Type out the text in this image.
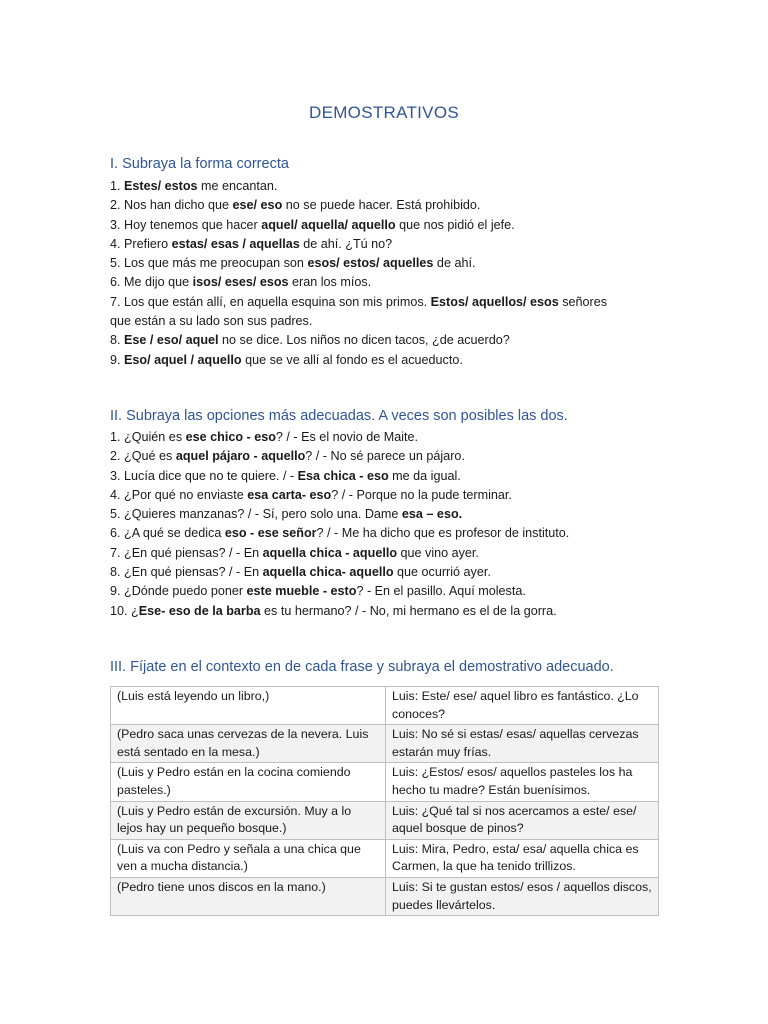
DEMOSTRATIVOS
I. Subraya la forma correcta
1. Estes/ estos me encantan.
2. Nos han dicho que ese/ eso no se puede hacer. Está prohibido.
3. Hoy tenemos que hacer aquel/ aquella/ aquello que nos pidió el jefe.
4. Prefiero estas/ esas / aquellas de ahí. ¿Tú no?
5. Los que más me preocupan son esos/ estos/ aquelles de ahí.
6. Me dijo que isos/ eses/ esos eran los míos.
7. Los que están allí, en aquella esquina son mis primos. Estos/ aquellos/ esos señores
que están a su lado son sus padres.
8. Ese / eso/ aquel no se dice. Los niños no dicen tacos, ¿de acuerdo?
9. Eso/ aquel / aquello que se ve allí al fondo es el acueducto.
II. Subraya las opciones más adecuadas. A veces son posibles las dos.
1. ¿Quién es ese chico - eso? / - Es el novio de Maite.
2. ¿Qué es aquel pájaro - aquello? / - No sé parece un pájaro.
3. Lucía dice que no te quiere. / - Esa chica - eso me da igual.
4. ¿Por qué no enviaste esa carta- eso? / - Porque no la pude terminar.
5. ¿Quieres manzanas? / - Sí, pero solo una. Dame esa – eso.
6. ¿A qué se dedica eso - ese señor? / - Me ha dicho que es profesor de instituto.
7. ¿En qué piensas? / - En aquella chica - aquello que vino ayer.
8. ¿En qué piensas? / - En aquella chica- aquello que ocurrió ayer.
9. ¿Dónde puedo poner este mueble - esto? - En el pasillo. Aquí molesta.
10. ¿Ese- eso de la barba es tu hermano? / - No, mi hermano es el de la gorra.
III. Fíjate en el contexto en de cada frase y subraya el demostrativo adecuado.
(Luis está leyendo un libro,)	Luis: Este/ ese/ aquel libro es fantástico. ¿Lo conoces?
(Pedro saca unas cervezas de la nevera. Luis está sentado en la mesa.)	Luis: No sé si estas/ esas/ aquellas cervezas estarán muy frías.
(Luis y Pedro están en la cocina comiendo pasteles.)	Luis: ¿Estos/ esos/ aquellos pasteles los ha hecho tu madre? Están buenísimos.
(Luis y Pedro están de excursión. Muy a lo lejos hay un pequeño bosque.)	Luis: ¿Qué tal si nos acercamos a este/ ese/ aquel bosque de pinos?
(Luis va con Pedro y señala a una chica que ven a mucha distancia.)	Luis: Mira, Pedro, esta/ esa/ aquella chica es Carmen, la que ha tenido trillizos.
(Pedro tiene unos discos en la mano.)	Luis: Si te gustan estos/ esos / aquellos discos, puedes llevártelos.
